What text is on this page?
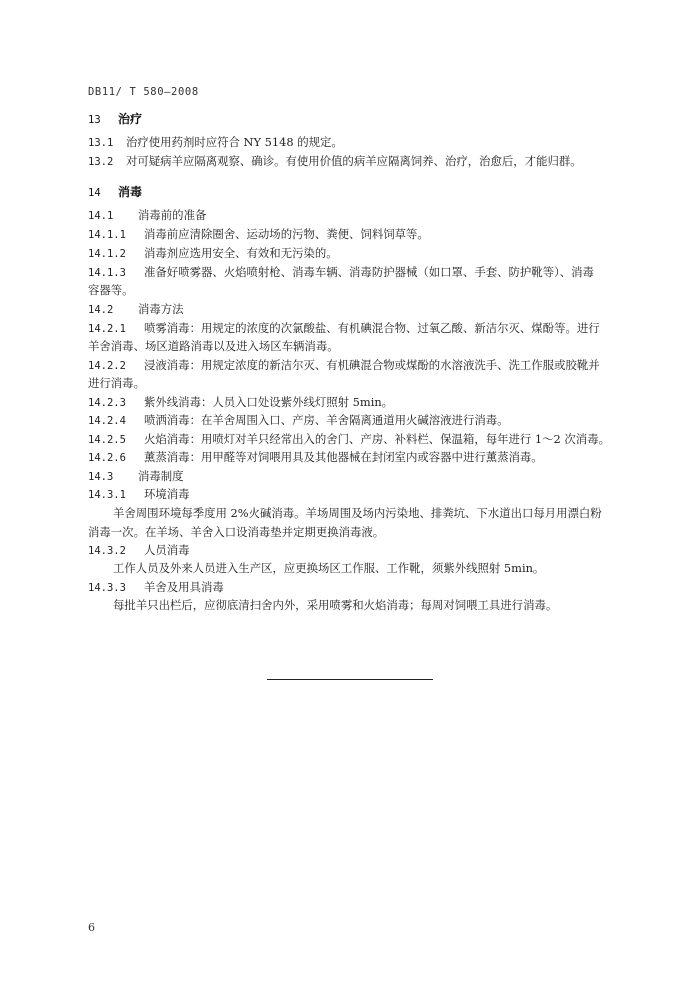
DB11/ T 580—2008
13 治疗
13.1 治疗使用药剂时应符合 NY 5148 的规定。
13.2 对可疑病羊应隔离观察、确诊。有使用价值的病羊应隔离饲养、治疗，治愈后，才能归群。
14 消毒
14.1 消毒前的准备
14.1.1 消毒前应清除圈舍、运动场的污物、粪便、饲料饲草等。
14.1.2 消毒剂应选用安全、有效和无污染的。
14.1.3 准备好喷雾器、火焰喷射枪、消毒车辆、消毒防护器械（如口罩、手套、防护靴等）、消毒
容器等。
14.2 消毒方法
14.2.1 喷雾消毒：用规定的浓度的次氯酸盐、有机碘混合物、过氧乙酸、新洁尔灭、煤酚等。进行
羊舍消毒、场区道路消毒以及进入场区车辆消毒。
14.2.2 浸液消毒：用规定浓度的新洁尔灭、有机碘混合物或煤酚的水溶液洗手、洗工作服或胶靴并
进行消毒。
14.2.3 紫外线消毒：人员入口处设紫外线灯照射 5min。
14.2.4 喷洒消毒：在羊舍周围入口、产房、羊舍隔离通道用火碱溶液进行消毒。
14.2.5 火焰消毒：用喷灯对羊只经常出入的舍门、产房、补料栏、保温箱，每年进行 1～2 次消毒。
14.2.6 薰蒸消毒：用甲醛等对饲喂用具及其他器械在封闭室内或容器中进行薰蒸消毒。
14.3 消毒制度
14.3.1 环境消毒
羊舍周围环境每季度用 2%火碱消毒。羊场周围及场内污染地、排粪坑、下水道出口每月用漂白粉
消毒一次。在羊场、羊舍入口设消毒垫并定期更换消毒液。
14.3.2 人员消毒
工作人员及外来人员进入生产区，应更换场区工作服、工作靴，须紫外线照射 5min。
14.3.3 羊舍及用具消毒
每批羊只出栏后，应彻底清扫舍内外，采用喷雾和火焰消毒；每周对饲喂工具进行消毒。
6
